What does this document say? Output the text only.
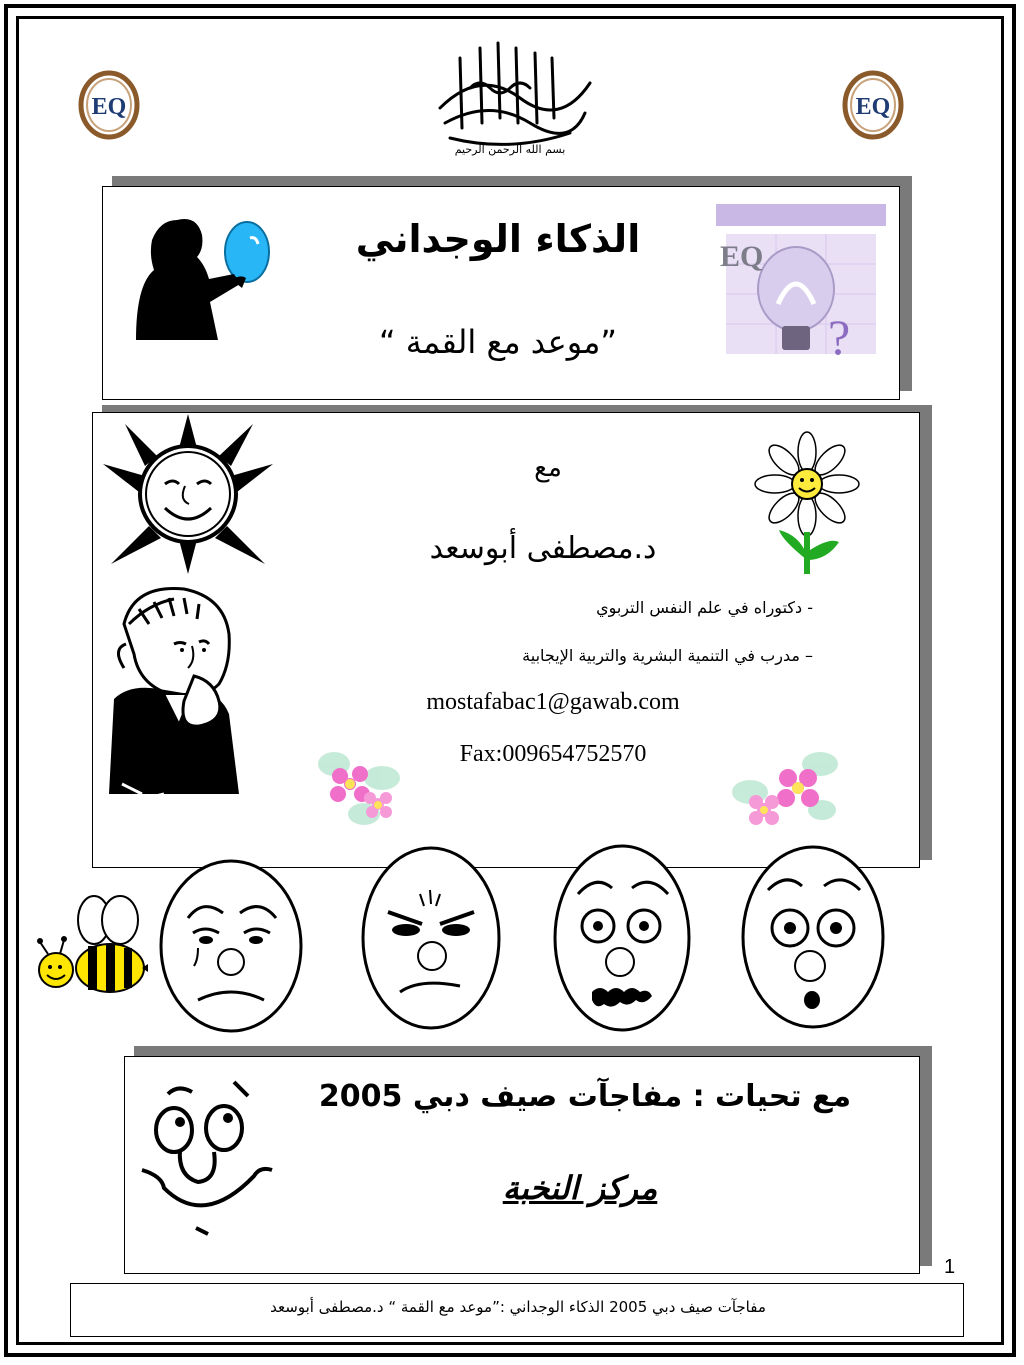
EQ	EQ
بسم الله الرحمن الرحيم
الذكاء الوجداني
”موعد مع القمة “
EQ
?
مع
د.مصطفى أبوسعد
- دكتوراه في علم النفس التربوي
– مدرب في التنمية البشرية والتربية الإيجابية
mostafabac1@gawab.com
Fax:009654752570
مع تحيات : مفاجآت صيف دبي 2005
مركز النخبة
1
مفاجآت صيف دبي 2005 الذكاء الوجداني :”موعد مع القمة “ د.مصطفى أبوسعد
